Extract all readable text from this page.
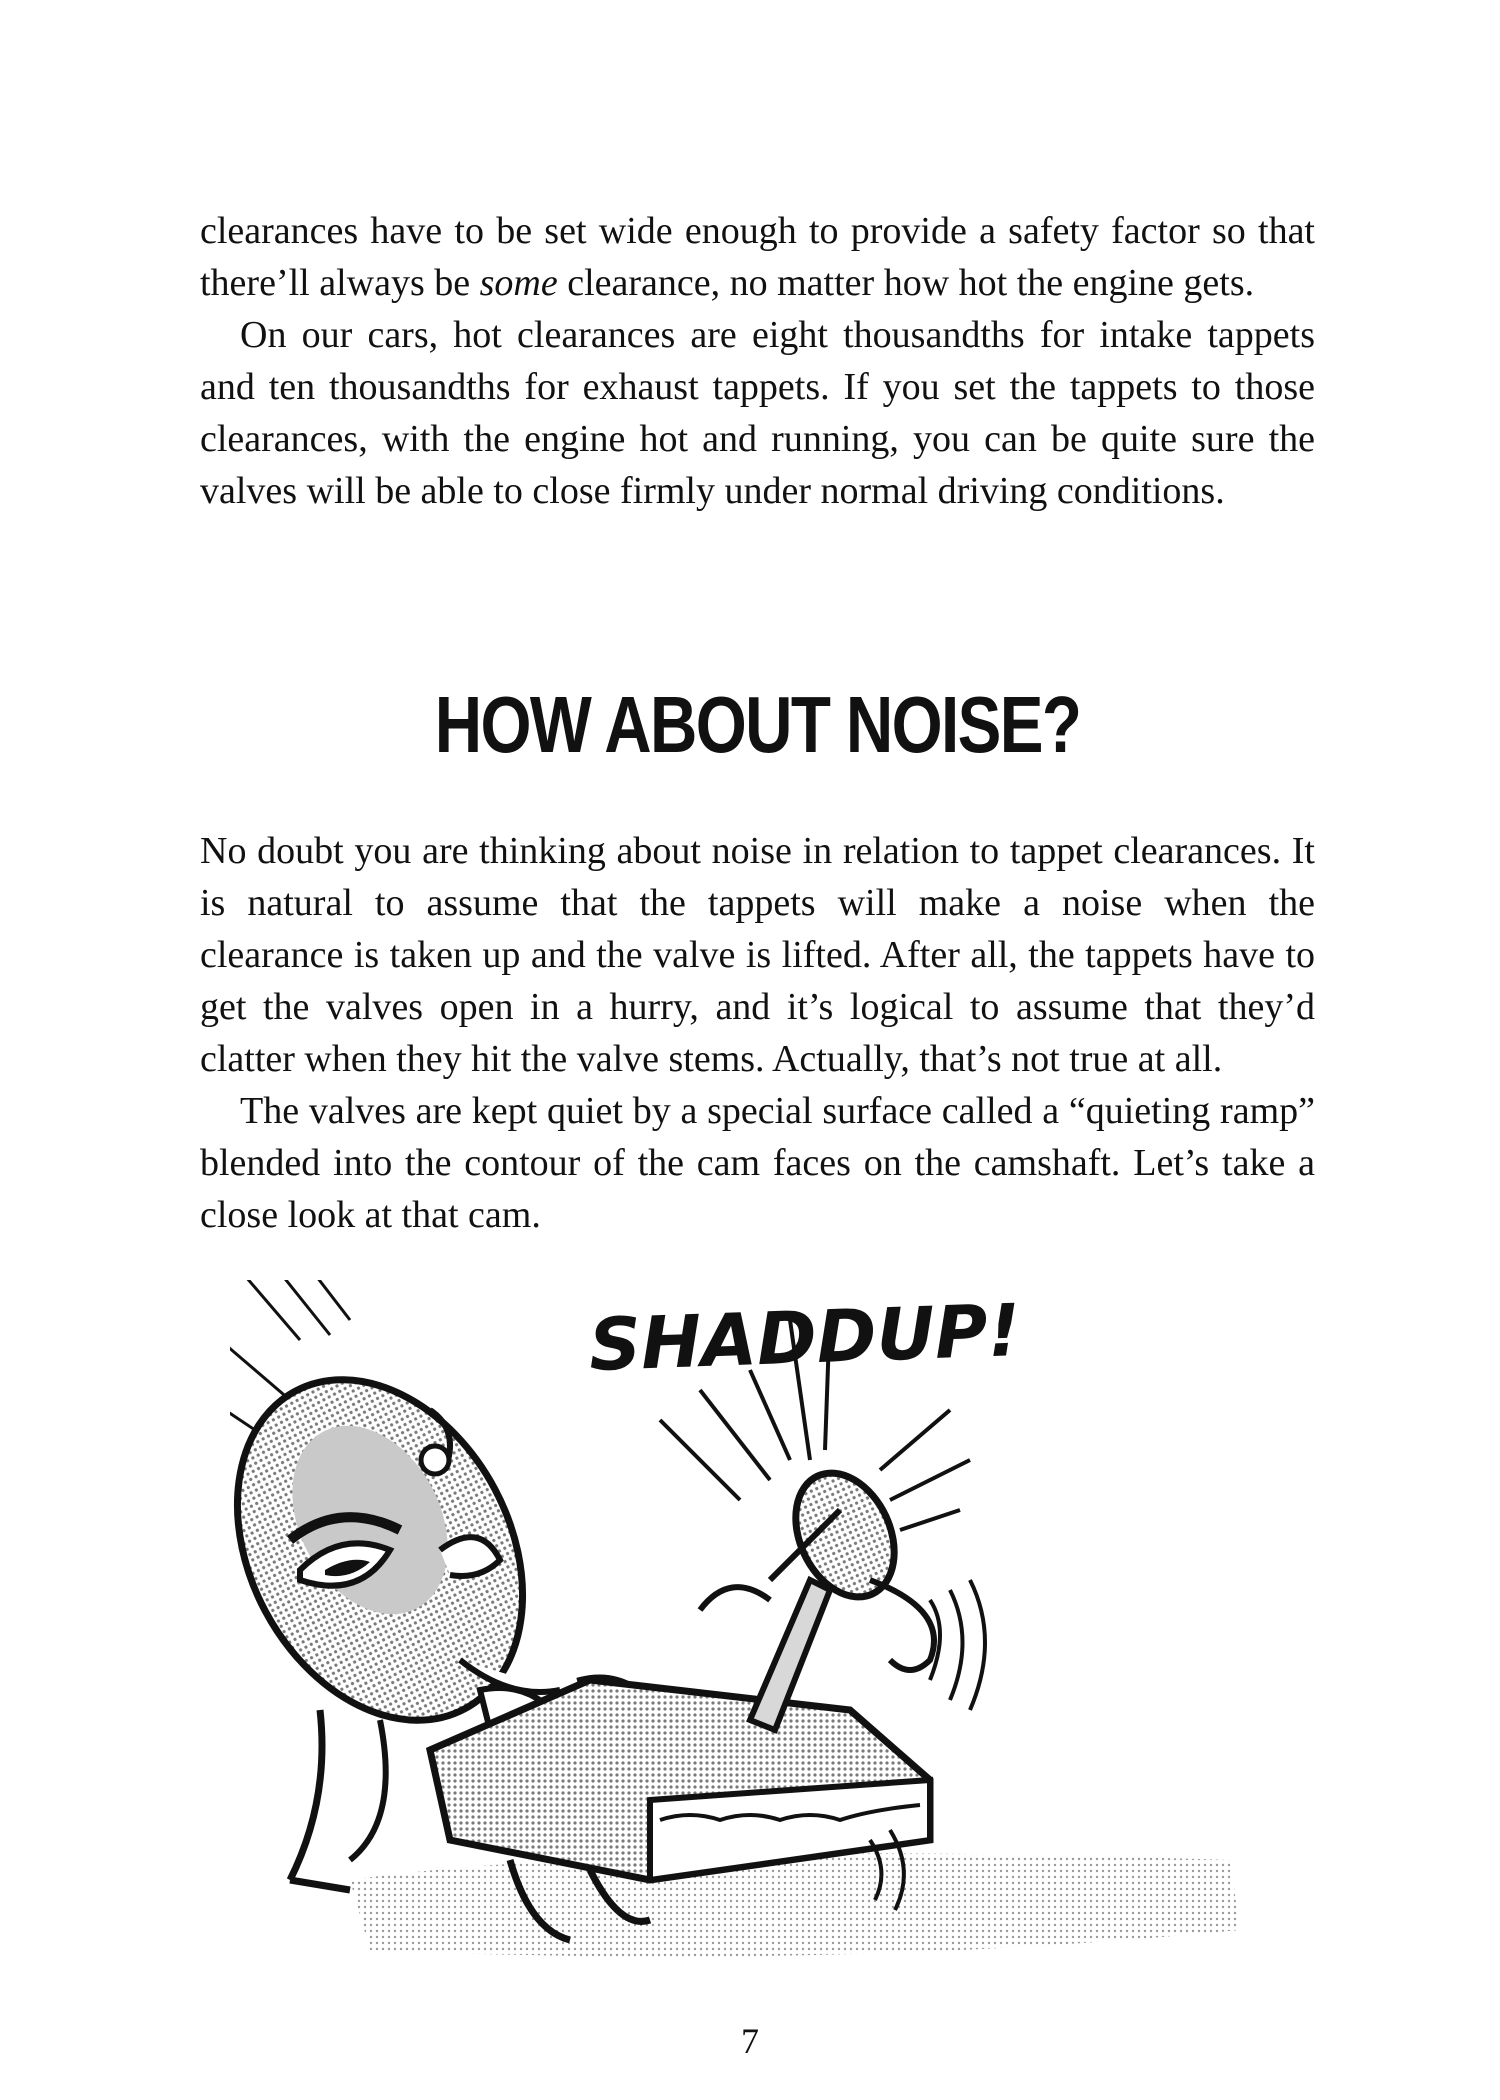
clearances have to be set wide enough to provide a safety factor so that there’ll always be some clearance, no matter how hot the engine gets.

On our cars, hot clearances are eight thousandths for intake tappets and ten thousandths for exhaust tappets. If you set the tappets to those clearances, with the engine hot and running, you can be quite sure the valves will be able to close firmly under normal driving conditions.

HOW ABOUT NOISE?

No doubt you are thinking about noise in relation to tappet clearances. It is natural to assume that the tappets will make a noise when the clearance is taken up and the valve is lifted. After all, the tappets have to get the valves open in a hurry, and it’s logical to assume that they’d clatter when they hit the valve stems. Actually, that’s not true at all.

The valves are kept quiet by a special surface called a “quieting ramp” blended into the contour of the cam faces on the camshaft. Let’s take a close look at that cam.

SHADDUP!

7
